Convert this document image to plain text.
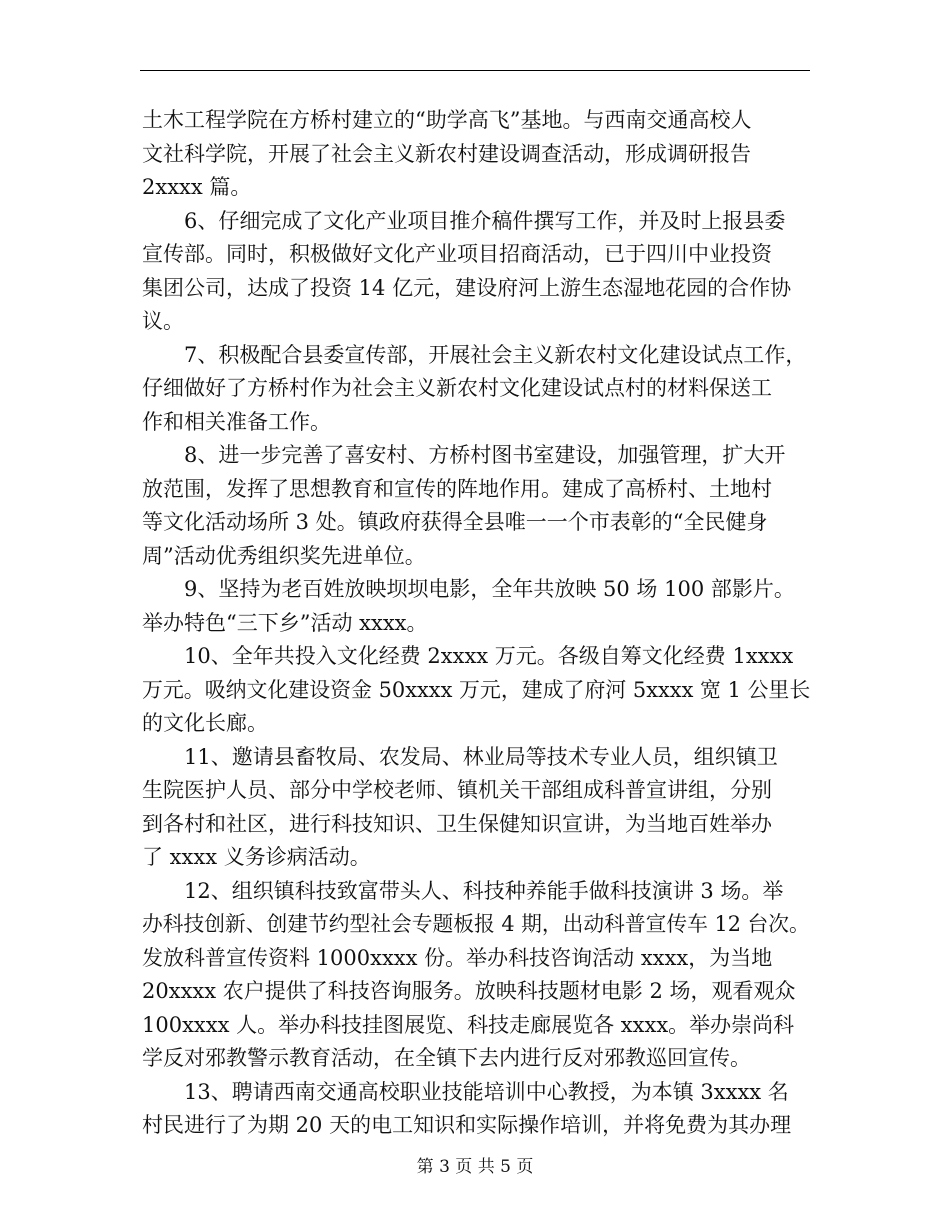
土木工程学院在方桥村建立的“助学高飞”基地。与西南交通高校人
文社科学院，开展了社会主义新农村建设调查活动，形成调研报告
2xxxx 篇。
6、仔细完成了文化产业项目推介稿件撰写工作，并及时上报县委
宣传部。同时，积极做好文化产业项目招商活动，已于四川中业投资
集团公司，达成了投资 14 亿元，建设府河上游生态湿地花园的合作协
议。
7、积极配合县委宣传部，开展社会主义新农村文化建设试点工作，
仔细做好了方桥村作为社会主义新农村文化建设试点村的材料保送工
作和相关准备工作。
8、进一步完善了喜安村、方桥村图书室建设，加强管理，扩大开
放范围，发挥了思想教育和宣传的阵地作用。建成了高桥村、土地村
等文化活动场所 3 处。镇政府获得全县唯一一个市表彰的“全民健身
周”活动优秀组织奖先进单位。
9、坚持为老百姓放映坝坝电影，全年共放映 50 场 100 部影片。
举办特色“三下乡”活动 xxxx。
10、全年共投入文化经费 2xxxx 万元。各级自筹文化经费 1xxxx
万元。吸纳文化建设资金 50xxxx 万元，建成了府河 5xxxx 宽 1 公里长
的文化长廊。
11、邀请县畜牧局、农发局、林业局等技术专业人员，组织镇卫
生院医护人员、部分中学校老师、镇机关干部组成科普宣讲组，分别
到各村和社区，进行科技知识、卫生保健知识宣讲，为当地百姓举办
了 xxxx 义务诊病活动。
12、组织镇科技致富带头人、科技种养能手做科技演讲 3 场。举
办科技创新、创建节约型社会专题板报 4 期，出动科普宣传车 12 台次。
发放科普宣传资料 1000xxxx 份。举办科技咨询活动 xxxx，为当地
20xxxx 农户提供了科技咨询服务。放映科技题材电影 2 场，观看观众
100xxxx 人。举办科技挂图展览、科技走廊展览各 xxxx。举办崇尚科
学反对邪教警示教育活动，在全镇下去内进行反对邪教巡回宣传。
13、聘请西南交通高校职业技能培训中心教授，为本镇 3xxxx 名
村民进行了为期 20 天的电工知识和实际操作培训，并将免费为其办理
第 3 页 共 5 页
